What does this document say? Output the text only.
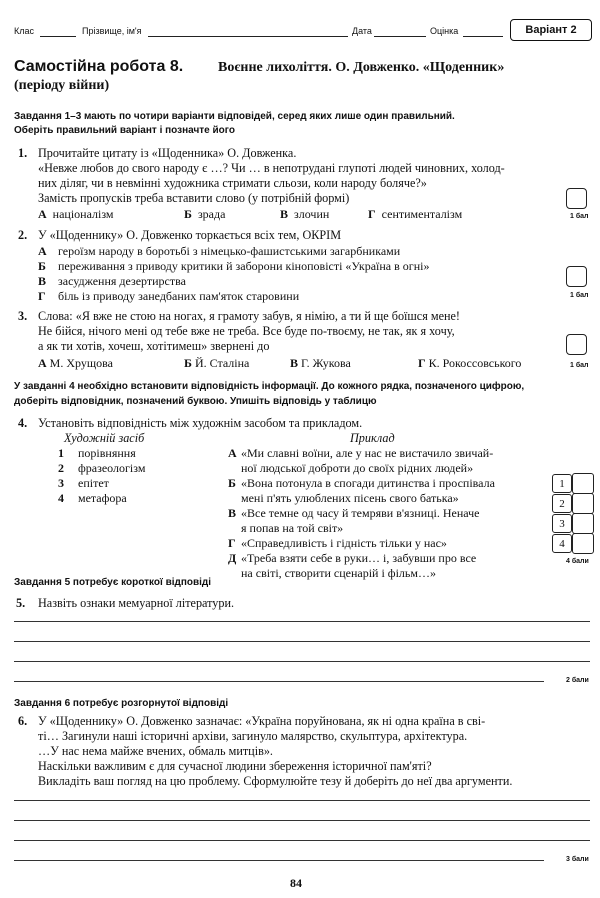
Клас	Прізвище, ім'я	Дата	Оцінка	Варіант 2
Самостійна робота 8. Воєнне лихоліття. О. Довженко. «Щоденник»
(періоду війни)
Завдання 1–3 мають по чотири варіанти відповідей, серед яких лише один правильний.
Оберіть правильний варіант і позначте його
1. Прочитайте цитату із «Щоденника» О. Довженка.
«Невже любов до свого народу є …? Чи … в непотрудані глупоті людей чиновних, холод-
них діляг, чи в невмінні художника стримати сльози, коли народу боляче?»
Замість пропусків треба вставити слово (у потрібній формі)
А націоналізм	Б зрада	В злочин	Г сентименталізм	1 бал
2. У «Щоденнику» О. Довженко торкається всіх тем, ОКРІМ
А героїзм народу в боротьбі з німецько-фашистськими загарбниками
Б переживання з приводу критики й заборони кіноповісті «Україна в огні»
В засудження дезертирства
Г біль із приводу занедбаних пам'яток старовини	1 бал
3. Слова: «Я вже не стою на ногах, я грамоту забув, я німію, а ти й ще боїшся мене!
Не бійся, нічого мені од тебе вже не треба. Все буде по-твоєму, не так, як я хочу,
а як ти хотів, хочеш, хотітимеш» звернені до
А М. Хрущова	Б Й. Сталіна	В Г. Жукова	Г К. Рокоссовського	1 бал
У завданні 4 необхідно встановити відповідність інформації. До кожного рядка, позначеного цифрою,
доберіть відповідник, позначений буквою. Упишіть відповідь у таблицю
4. Установіть відповідність між художнім засобом та прикладом.
Художній засіб	Приклад
1 порівняння
2 фразеологізм
3 епітет
4 метафора
А «Ми славні воїни, але у нас не вистачило звичай-
ної людської доброти до своїх рідних людей»
Б «Вона потонула в спогади дитинства і проспівала
мені п'ять улюблених пісень свого батька»
В «Все темне од часу й темряви в'язниці. Неначе
я попав на той світ»
Г «Справедливість і гідність тільки у нас»
Д «Треба взяти себе в руки… і, забувши про все
на світі, створити сценарій і фільм…»
1
2
3
4
4 бали
Завдання 5 потребує короткої відповіді
5. Назвіть ознаки мемуарної літератури.
2 бали
Завдання 6 потребує розгорнутої відповіді
6. У «Щоденнику» О. Довженко зазначає: «Україна поруйнована, як ні одна країна в сві-
ті… Загинули наші історичні архіви, загинуло малярство, скульптура, архітектура.
…У нас нема майже вчених, обмаль митців».
Наскільки важливим є для сучасної людини збереження історичної пам'яті?
Викладіть ваш погляд на цю проблему. Сформулюйте тезу й доберіть до неї два аргументи.
3 бали
84
